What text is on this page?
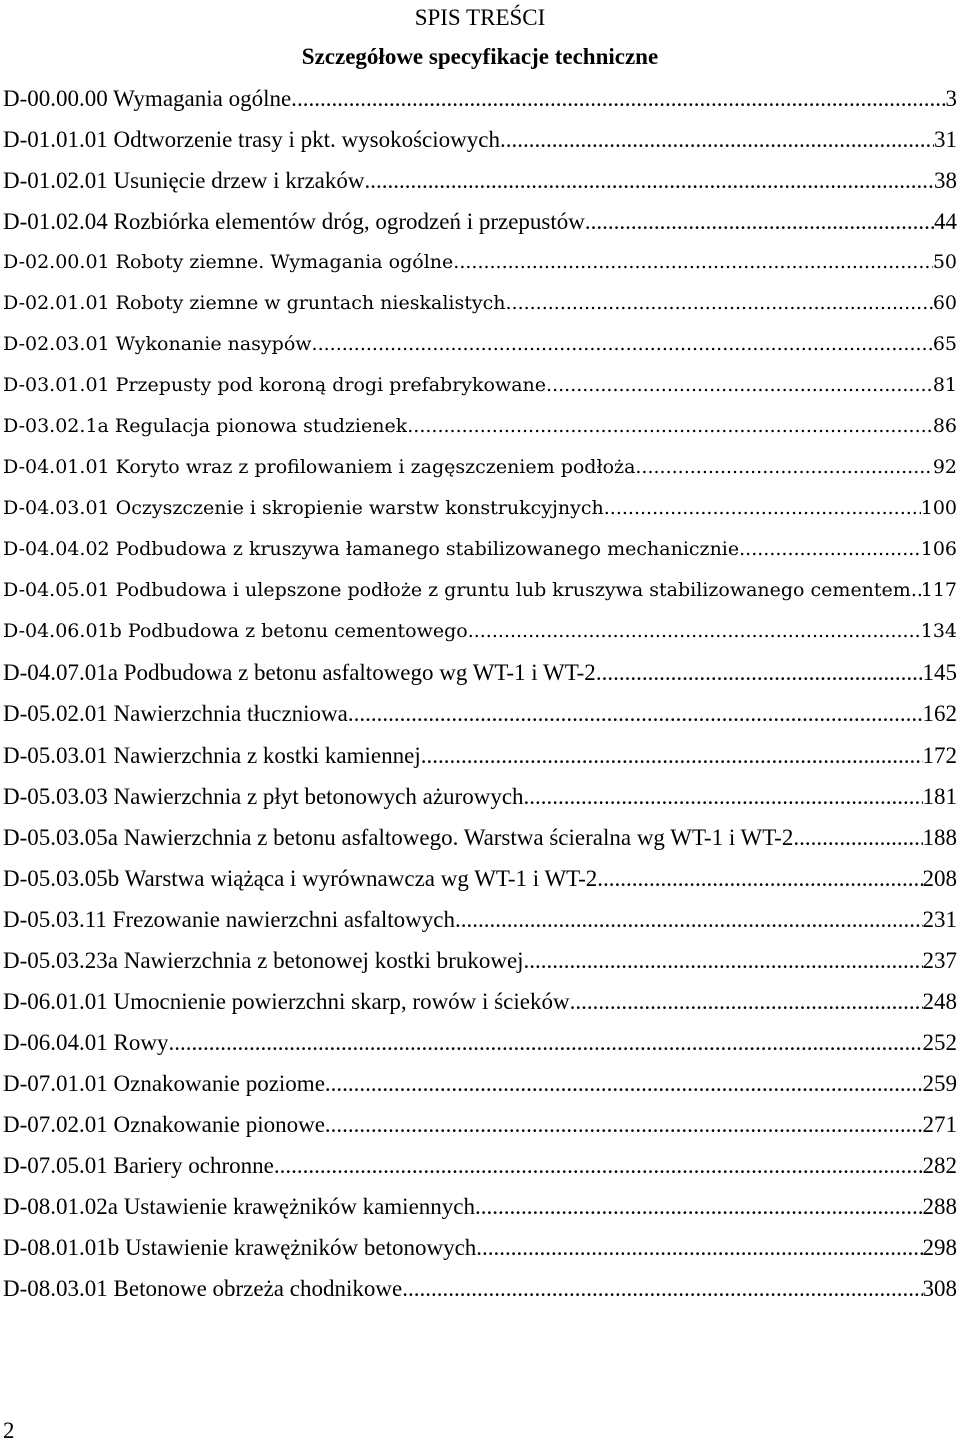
SPIS TREŚCI
Szczegółowe specyfikacje techniczne
D-00.00.00 Wymagania ogólne. .....	3
D-01.01.01 Odtworzenie trasy i pkt. wysokościowych .....	31
D-01.02.01 Usunięcie drzew i krzaków .....	38
D-01.02.04 Rozbiórka elementów dróg, ogrodzeń i przepustów .....	44
D-02.00.01 Roboty ziemne. Wymagania ogólne .....	50
D-02.01.01 Roboty ziemne w gruntach nieskalistych .....	60
D-02.03.01 Wykonanie nasypów .....	65
D-03.01.01 Przepusty pod koroną drogi prefabrykowane .....	81
D-03.02.1a Regulacja pionowa studzienek .....	86
D-04.01.01 Koryto wraz z profilowaniem i zagęszczeniem podłoża .....	92
D-04.03.01 Oczyszczenie i skropienie warstw konstrukcyjnych .....	100
D-04.04.02 Podbudowa z kruszywa łamanego stabilizowanego mechanicznie .....	106
D-04.05.01 Podbudowa i ulepszone podłoże z gruntu lub kruszywa stabilizowanego cementem. ..... 117
D-04.06.01b Podbudowa z betonu cementowego .....	134
D-04.07.01a Podbudowa z betonu asfaltowego wg WT-1 i WT-2 .....	145
D-05.02.01 Nawierzchnia tłuczniowa .....	162
D-05.03.01 Nawierzchnia z kostki kamiennej .....	172
D-05.03.03 Nawierzchnia z płyt betonowych ażurowych .....	181
D-05.03.05a Nawierzchnia z betonu asfaltowego. Warstwa ścieralna wg WT-1 i WT-2 .....	188
D-05.03.05b Warstwa wiążąca i wyrównawcza wg WT-1 i WT-2 .....	208
D-05.03.11 Frezowanie nawierzchni asfaltowych .....	231
D-05.03.23a Nawierzchnia z betonowej kostki brukowej .....	237
D-06.01.01 Umocnienie powierzchni skarp, rowów i ścieków .....	248
D-06.04.01 Rowy .....	252
D-07.01.01 Oznakowanie poziome .....	259
D-07.02.01 Oznakowanie pionowe .....	271
D-07.05.01 Bariery ochronne .....	282
D-08.01.02a Ustawienie krawężników kamiennych .....	288
D-08.01.01b Ustawienie krawężników betonowych .....	298
D-08.03.01 Betonowe obrzeża chodnikowe .....	308
2
